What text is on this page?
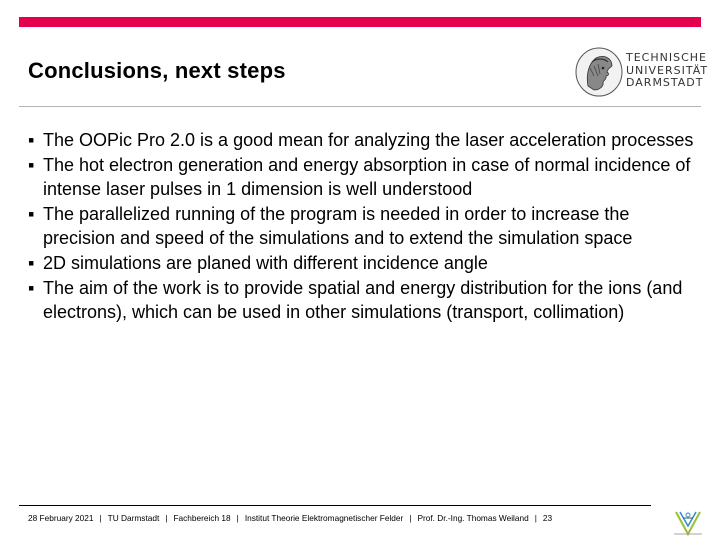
Conclusions, next steps
TECHNISCHE
UNIVERSITÄT
DARMSTADT
▪ The OOPic Pro 2.0 is a good mean for analyzing the laser acceleration processes
▪ The hot electron generation and energy absorption in case of normal incidence of intense laser pulses in 1 dimension is well understood
▪ The parallelized running of the program is needed in order to increase the precision and speed of the simulations and to extend the simulation space
▪ 2D simulations are planed with different incidence angle
▪ The aim of the work is to provide spatial and energy distribution for the ions (and electrons), which can be used in other simulations (transport, collimation)
28 February 2021 | TU Darmstadt | Fachbereich 18 | Institut Theorie Elektromagnetischer Felder | Prof. Dr.-Ing. Thomas Weiland | 23
